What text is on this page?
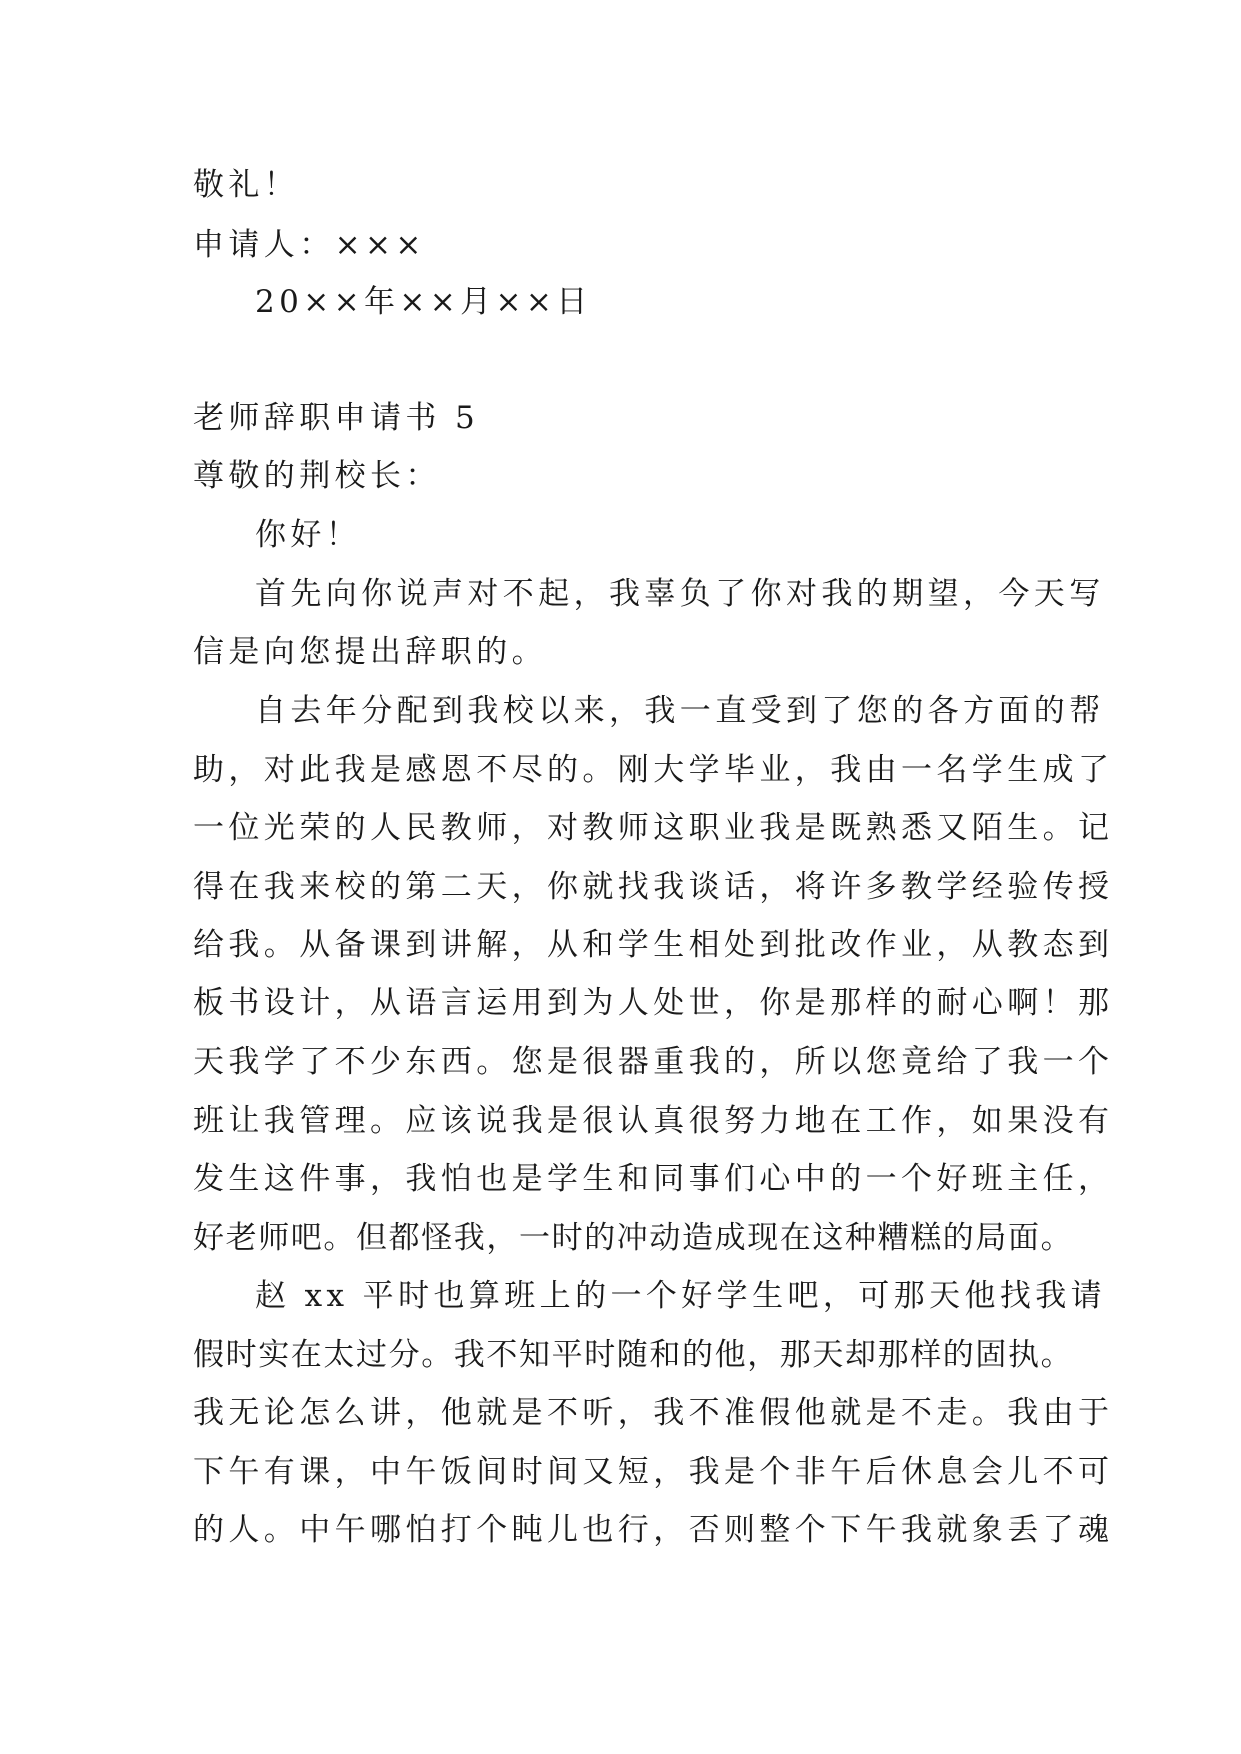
敬礼！
申请人：×××
20××年××月××日
老师辞职申请书 5
尊敬的荆校长：
你好！
首先向你说声对不起，我辜负了你对我的期望，今天写
信是向您提出辞职的。
自去年分配到我校以来，我一直受到了您的各方面的帮
助，对此我是感恩不尽的。刚大学毕业，我由一名学生成了
一位光荣的人民教师，对教师这职业我是既熟悉又陌生。记
得在我来校的第二天，你就找我谈话，将许多教学经验传授
给我。从备课到讲解，从和学生相处到批改作业，从教态到
板书设计，从语言运用到为人处世，你是那样的耐心啊！那
天我学了不少东西。您是很器重我的，所以您竟给了我一个
班让我管理。应该说我是很认真很努力地在工作，如果没有
发生这件事，我怕也是学生和同事们心中的一个好班主任，
好老师吧。但都怪我，一时的冲动造成现在这种糟糕的局面。
赵 xx 平时也算班上的一个好学生吧，可那天他找我请
假时实在太过分。我不知平时随和的他，那天却那样的固执。
我无论怎么讲，他就是不听，我不准假他就是不走。我由于
下午有课，中午饭间时间又短，我是个非午后休息会儿不可
的人。中午哪怕打个盹儿也行，否则整个下午我就象丢了魂
